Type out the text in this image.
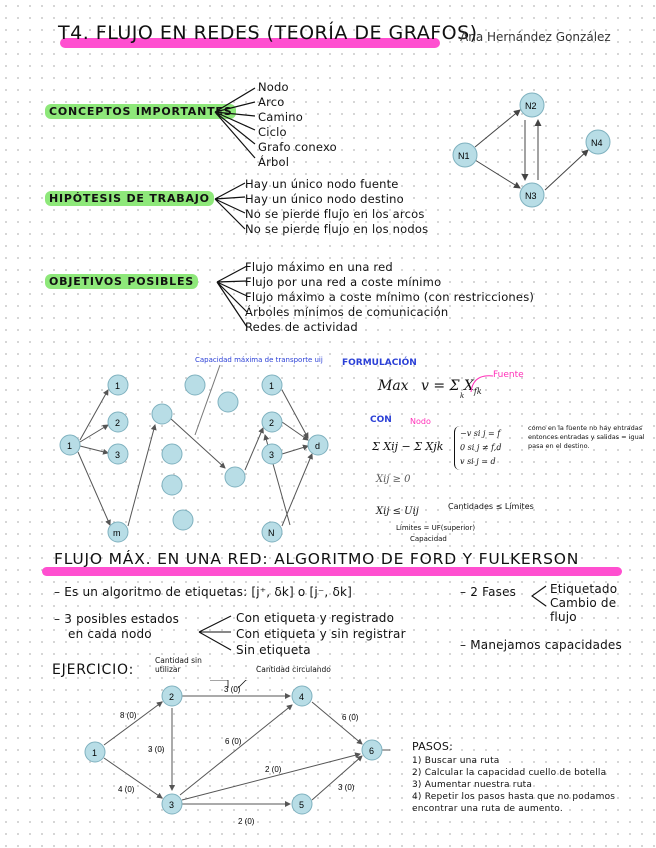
T4. FLUJO EN REDES (TEORÍA DE GRAFOS)
Ana Hernández González
CONCEPTOS IMPORTANTES
Nodo
Arco
Camino
Ciclo
Grafo conexo
Árbol	N1
N2
N3
N4
HIPÓTESIS DE TRABAJO
Hay un único nodo fuente
Hay un único nodo destino
No se pierde flujo en los arcos
No se pierde flujo en los nodos
OBJETIVOS POSIBLES
Flujo máximo en una red
Flujo por una red a coste mínimo
Flujo máximo a coste mínimo (con restricciones)
Árboles mínimos de comunicación
Redes de actividad
Capacidad máxima de transporte uij
1
1
2
3
m
1
2
3
N
d
FORMULACIÓN
Max v = Σ $X_{fk}$
k
Fuente
CON Nodo
Σ Xij − Σ Xjk
−v si j = f
0 si j ≠ f,d
v si j = d
como en la fuente no hay entradas entonces entradas y salidas = igual pasa en el destino.
Xij ≥ 0
Xij ≤ Uij	Cantidades ≤ Límites
Límites = UF(superior)
Capacidad
FLUJO MÁX. EN UNA RED: ALGORITMO DE FORD Y FULKERSON
– Es un algoritmo de etiquetas: [j⁺, δk] o [j⁻, δk]	– 2 Fases	Etiquetado
Cambio de flujo
– 3 posibles estados
en cada nodo
Con etiqueta y registrado
Con etiqueta y sin registrar
Sin etiqueta	– Manejamos capacidades
EJERCICIO:
Cantidad sin utilizar	Cantidad circulando
1
2
3
4
5
6
8 (0)
4 (0)
3 (0)
3 (0)
6 (0)
2 (0)
2 (0)
6 (0)
3 (0)
PASOS:
1) Buscar una ruta
2) Calcular la capacidad cuello de botella
3) Aumentar nuestra ruta
4) Repetir los pasos hasta que no podamos encontrar una ruta de aumento.
